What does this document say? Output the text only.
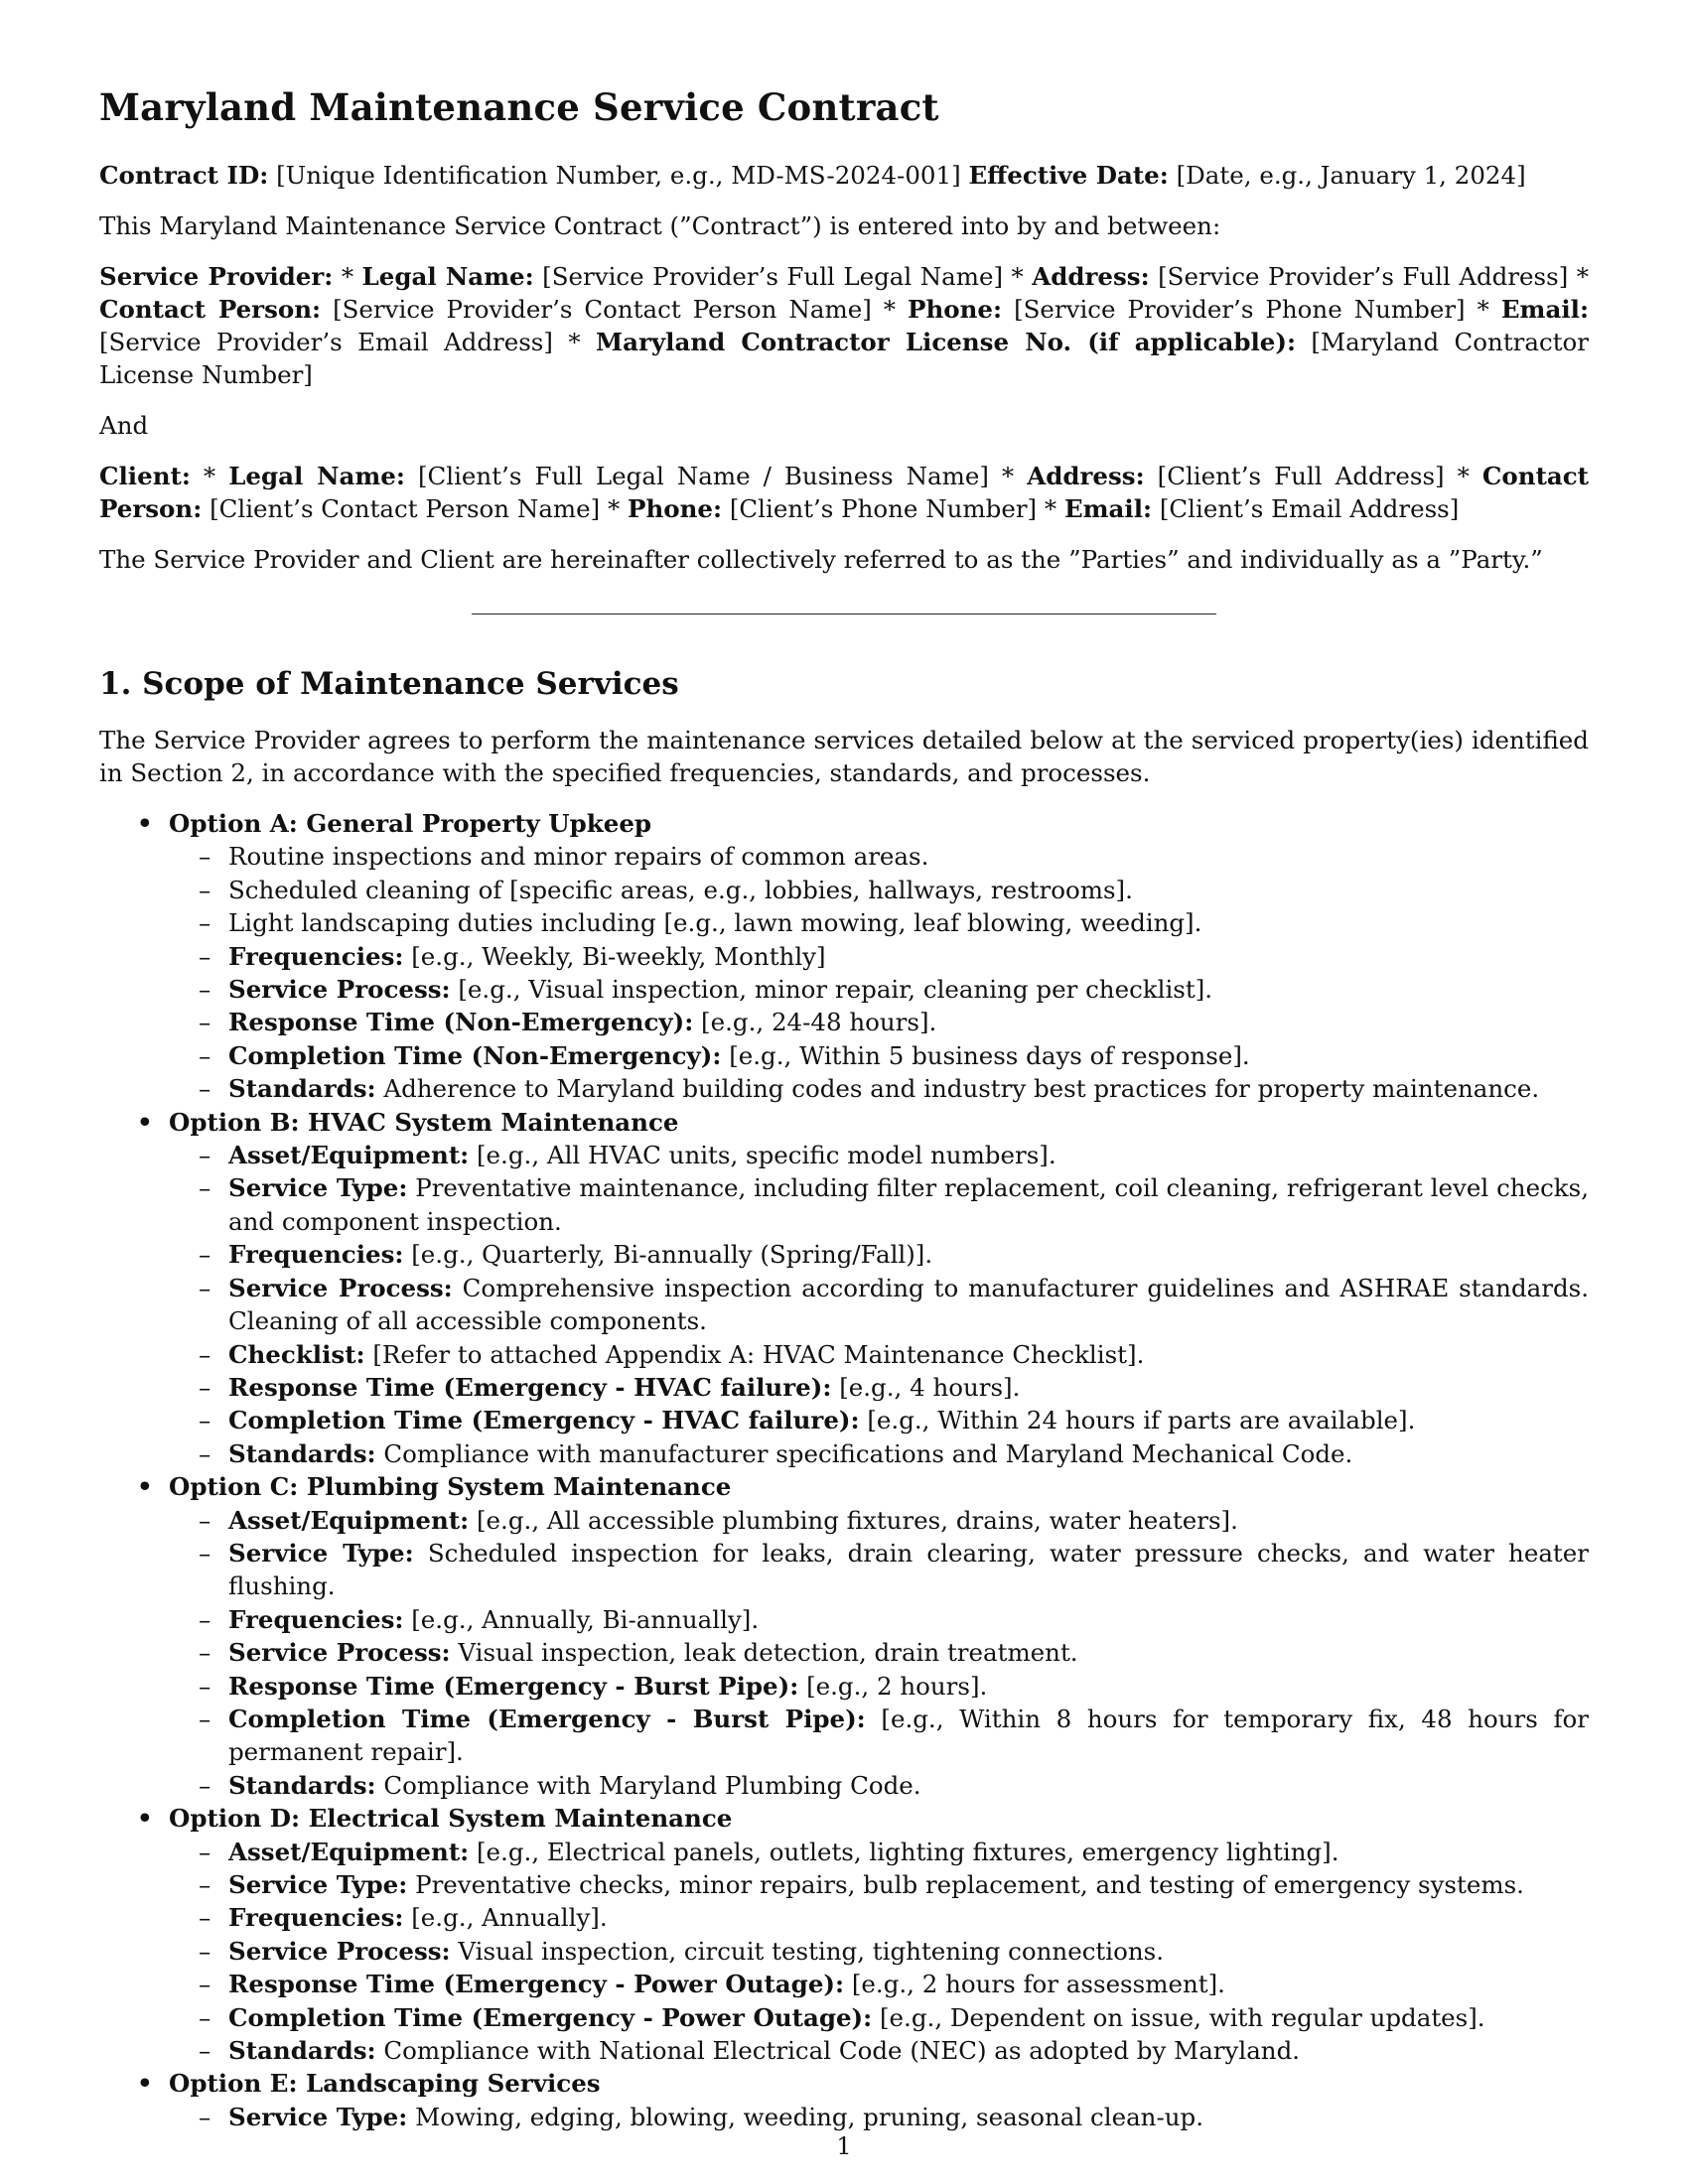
Maryland Maintenance Service Contract

Contract ID: [Unique Identification Number, e.g., MD-MS-2024-001] Effective Date: [Date, e.g., January 1, 2024]

This Maryland Maintenance Service Contract (”Contract”) is entered into by and between:

Service Provider: * Legal Name: [Service Provider’s Full Legal Name] * Address: [Service Provider’s Full Address] * Contact Person: [Service Provider’s Contact Person Name] * Phone: [Service Provider’s Phone Number] * Email: [Service Provider’s Email Address] * Maryland Contractor License No. (if applicable): [Maryland Contractor License Number]

And

Client: * Legal Name: [Client’s Full Legal Name / Business Name] * Address: [Client’s Full Address] * Contact Person: [Client’s Contact Person Name] * Phone: [Client’s Phone Number] * Email: [Client’s Email Address]

The Service Provider and Client are hereinafter collectively referred to as the ”Parties” and individually as a ”Party.”

1. Scope of Maintenance Services

The Service Provider agrees to perform the maintenance services detailed below at the serviced property(ies) identified in Section 2, in accordance with the specified frequencies, standards, and processes.

• Option A: General Property Upkeep
– Routine inspections and minor repairs of common areas.
– Scheduled cleaning of [specific areas, e.g., lobbies, hallways, restrooms].
– Light landscaping duties including [e.g., lawn mowing, leaf blowing, weeding].
– Frequencies: [e.g., Weekly, Bi-weekly, Monthly]
– Service Process: [e.g., Visual inspection, minor repair, cleaning per checklist].
– Response Time (Non-Emergency): [e.g., 24-48 hours].
– Completion Time (Non-Emergency): [e.g., Within 5 business days of response].
– Standards: Adherence to Maryland building codes and industry best practices for property maintenance.
• Option B: HVAC System Maintenance
– Asset/Equipment: [e.g., All HVAC units, specific model numbers].
– Service Type: Preventative maintenance, including filter replacement, coil cleaning, refrigerant level checks, and component inspection.
– Frequencies: [e.g., Quarterly, Bi-annually (Spring/Fall)].
– Service Process: Comprehensive inspection according to manufacturer guidelines and ASHRAE standards. Cleaning of all accessible components.
– Checklist: [Refer to attached Appendix A: HVAC Maintenance Checklist].
– Response Time (Emergency - HVAC failure): [e.g., 4 hours].
– Completion Time (Emergency - HVAC failure): [e.g., Within 24 hours if parts are available].
– Standards: Compliance with manufacturer specifications and Maryland Mechanical Code.
• Option C: Plumbing System Maintenance
– Asset/Equipment: [e.g., All accessible plumbing fixtures, drains, water heaters].
– Service Type: Scheduled inspection for leaks, drain clearing, water pressure checks, and water heater flushing.
– Frequencies: [e.g., Annually, Bi-annually].
– Service Process: Visual inspection, leak detection, drain treatment.
– Response Time (Emergency - Burst Pipe): [e.g., 2 hours].
– Completion Time (Emergency - Burst Pipe): [e.g., Within 8 hours for temporary fix, 48 hours for permanent repair].
– Standards: Compliance with Maryland Plumbing Code.
• Option D: Electrical System Maintenance
– Asset/Equipment: [e.g., Electrical panels, outlets, lighting fixtures, emergency lighting].
– Service Type: Preventative checks, minor repairs, bulb replacement, and testing of emergency systems.
– Frequencies: [e.g., Annually].
– Service Process: Visual inspection, circuit testing, tightening connections.
– Response Time (Emergency - Power Outage): [e.g., 2 hours for assessment].
– Completion Time (Emergency - Power Outage): [e.g., Dependent on issue, with regular updates].
– Standards: Compliance with National Electrical Code (NEC) as adopted by Maryland.
• Option E: Landscaping Services
– Service Type: Mowing, edging, blowing, weeding, pruning, seasonal clean-up.
1
